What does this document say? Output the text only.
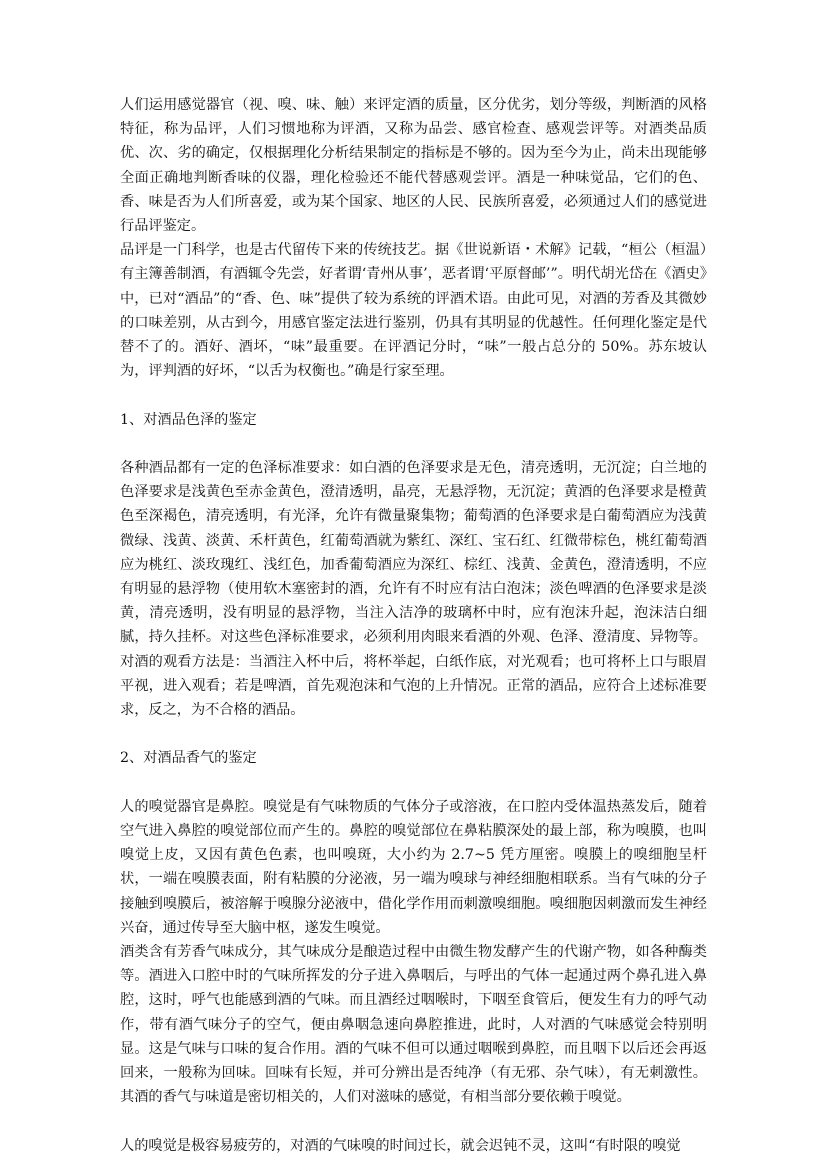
人们运用感觉器官（视、嗅、味、触）来评定酒的质量，区分优劣，划分等级，判断酒的风格特征，称为品评，人们习惯地称为评酒，又称为品尝、感官检查、感观尝评等。对酒类品质优、次、劣的确定，仅根据理化分析结果制定的指标是不够的。因为至今为止，尚未出现能够全面正确地判断香味的仪器，理化检验还不能代替感观尝评。酒是一种味觉品，它们的色、香、味是否为人们所喜爱，或为某个国家、地区的人民、民族所喜爱，必须通过人们的感觉进行品评鉴定。

品评是一门科学，也是古代留传下来的传统技艺。据《世说新语・术解》记载，“桓公（桓温）有主簿善制酒，有酒辄令先尝，好者谓‘青州从事’，恶者谓‘平原督邮’”。明代胡光岱在《酒史》中，已对“酒品”的“香、色、味”提供了较为系统的评酒术语。由此可见，对酒的芳香及其微妙的口味差别，从古到今，用感官鉴定法进行鉴别，仍具有其明显的优越性。任何理化鉴定是代替不了的。酒好、酒坏，“味”最重要。在评酒记分时，“味”一般占总分的 50%。苏东坡认为，评判酒的好坏，“以舌为权衡也。”确是行家至理。

1、对酒品色泽的鉴定

各种酒品都有一定的色泽标准要求：如白酒的色泽要求是无色，清亮透明，无沉淀；白兰地的色泽要求是浅黄色至赤金黄色，澄清透明，晶亮，无悬浮物，无沉淀；黄酒的色泽要求是橙黄色至深褐色，清亮透明，有光泽，允许有微量聚集物；葡萄酒的色泽要求是白葡萄酒应为浅黄微绿、浅黄、淡黄、禾杆黄色，红葡萄酒就为紫红、深红、宝石红、红微带棕色，桃红葡萄酒应为桃红、淡玫瑰红、浅红色，加香葡萄酒应为深红、棕红、浅黄、金黄色，澄清透明，不应有明显的悬浮物（使用软木塞密封的酒，允许有不时应有沽白泡沫；淡色啤酒的色泽要求是淡黄，清亮透明，没有明显的悬浮物，当注入洁净的玻璃杯中时，应有泡沫升起，泡沫洁白细腻，持久挂杯。对这些色泽标准要求，必须利用肉眼来看酒的外观、色泽、澄清度、异物等。对酒的观看方法是：当酒注入杯中后，将杯举起，白纸作底，对光观看；也可将杯上口与眼眉平视，进入观看；若是啤酒，首先观泡沫和气泡的上升情况。正常的酒品，应符合上述标准要求，反之，为不合格的酒品。

2、对酒品香气的鉴定

人的嗅觉器官是鼻腔。嗅觉是有气味物质的气体分子或溶液，在口腔内受体温热蒸发后，随着空气进入鼻腔的嗅觉部位而产生的。鼻腔的嗅觉部位在鼻粘膜深处的最上部，称为嗅膜，也叫嗅觉上皮，又因有黄色色素，也叫嗅斑，大小约为 2.7~5 凭方厘密。嗅膜上的嗅细胞呈杆状，一端在嗅膜表面，附有粘膜的分泌液，另一端为嗅球与神经细胞相联系。当有气味的分子接触到嗅膜后，被溶解于嗅腺分泌液中，借化学作用而刺激嗅细胞。嗅细胞因刺激而发生神经兴奋，通过传导至大脑中枢，遂发生嗅觉。

酒类含有芳香气味成分，其气味成分是酿造过程中由微生物发酵产生的代谢产物，如各种酶类等。酒进入口腔中时的气味所挥发的分子进入鼻咽后，与呼出的气体一起通过两个鼻孔进入鼻腔，这时，呼气也能感到酒的气味。而且酒经过咽喉时，下咽至食管后，便发生有力的呼气动作，带有酒气味分子的空气，便由鼻咽急速向鼻腔推进，此时，人对酒的气味感觉会特别明显。这是气味与口味的复合作用。酒的气味不但可以通过咽喉到鼻腔，而且咽下以后还会再返回来，一般称为回味。回味有长短，并可分辨出是否纯净（有无邪、杂气味），有无刺激性。其酒的香气与味道是密切相关的，人们对滋味的感觉，有相当部分要依赖于嗅觉。

人的嗅觉是极容易疲劳的，对酒的气味嗅的时间过长，就会迟钝不灵，这叫“有时限的嗅觉
